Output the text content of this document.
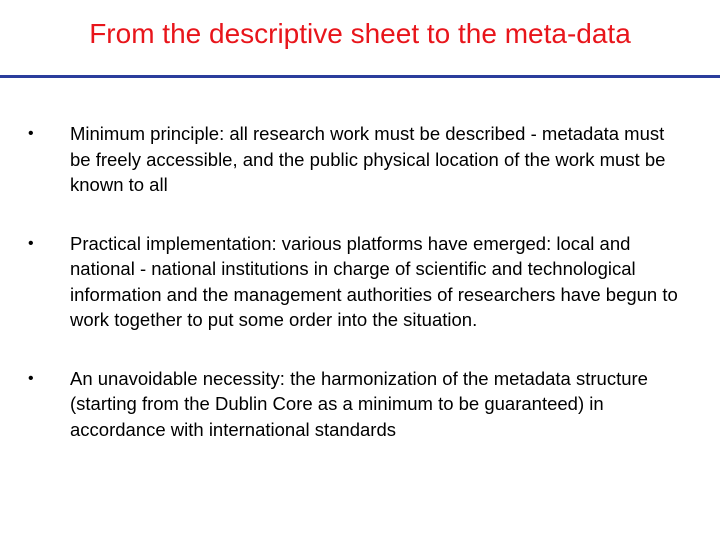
From the descriptive sheet to the meta-data
• Minimum principle: all research work must be described - metadata must be freely accessible, and the public physical location of the work must be known to all
• Practical implementation: various platforms have emerged: local and national - national institutions in charge of scientific and technological information and the management authorities of researchers have begun to work together to put some order into the situation.
• An unavoidable necessity: the harmonization of the metadata structure (starting from the Dublin Core as a minimum to be guaranteed) in accordance with international standards
